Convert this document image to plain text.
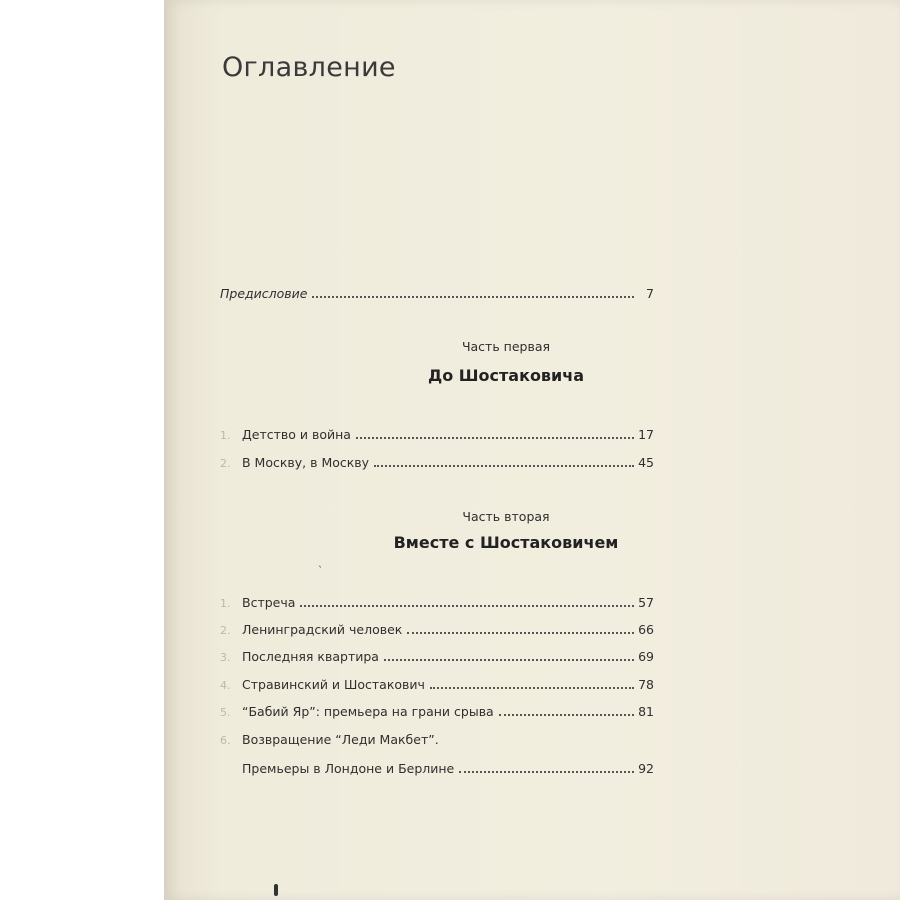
Оглавление
Предисловие	7
Часть первая
До Шостаковича
1. Детство и война	17
2. В Москву, в Москву	45
Часть вторая
Вместе с Шостаковичем
ˎ
1. Встреча	57
2. Ленинградский человек	66
3. Последняя квартира	69
4. Стравинский и Шостакович	78
5. “Бабий Яр”: премьера на грани срыва	81
6. Возвращение “Леди Макбет”.
Премьеры в Лондоне и Берлине	92
